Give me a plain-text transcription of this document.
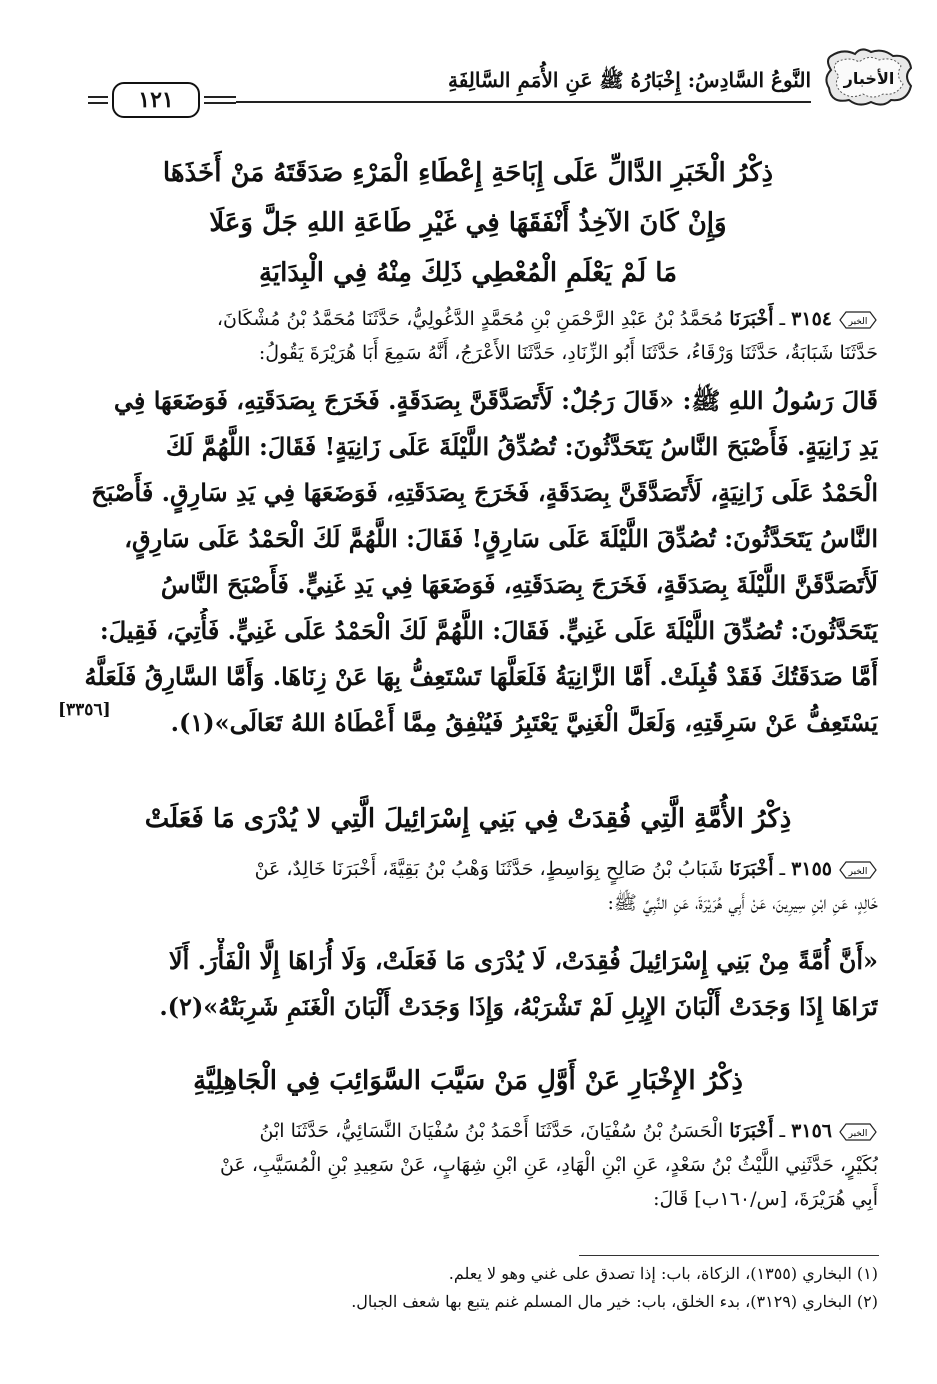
الأخبار
النَّوعُ السَّادِسُ: إِخْبَارُهُ ﷺ عَنِ الأُمَمِ السَّالِفَةِ
١٢١
ذِكْرُ الْخَبَرِ الدَّالِّ عَلَى إِبَاحَةِ إِعْطَاءِ الْمَرْءِ صَدَقَتَهُ مَنْ أَخَذَهَا
وَإِنْ كَانَ الآخِذُ أَنْفَقَهَا فِي غَيْرِ طَاعَةِ اللهِ جَلَّ وَعَلَا
مَا لَمْ يَعْلَمِ الْمُعْطِي ذَلِكَ مِنْهُ فِي الْبِدَايَةِ
الخبر
٣١٥٤ ـ أَخْبَرَنَا مُحَمَّدُ بْنُ عَبْدِ الرَّحْمَنِ بْنِ مُحَمَّدٍ الدَّغُولِيُّ، حَدَّثَنَا مُحَمَّدُ بْنُ مُشْكَانَ،
حَدَّثَنَا شَبَابَةُ، حَدَّثَنَا وَرْقَاءُ، حَدَّثَنَا أَبُو الزِّنَادِ، حَدَّثَنَا الأَعْرَجُ، أَنَّهُ سَمِعَ أَبَا هُرَيْرَةَ يَقُولُ:
قَالَ رَسُولُ اللهِ ﷺ: «قَالَ رَجُلٌ: لَأَتَصَدَّقَنَّ بِصَدَقَةٍ. فَخَرَجَ بِصَدَقَتِهِ، فَوَضَعَهَا فِي
يَدِ زَانِيَةٍ. فَأَصْبَحَ النَّاسُ يَتَحَدَّثُونَ: تُصُدِّقُ اللَّيْلَةَ عَلَى زَانِيَةٍ! فَقَالَ: اللَّهُمَّ لَكَ
الْحَمْدُ عَلَى زَانِيَةٍ، لَأَتَصَدَّقَنَّ بِصَدَقَةٍ، فَخَرَجَ بِصَدَقَتِهِ، فَوَضَعَهَا فِي يَدِ سَارِقٍ. فَأَصْبَحَ
النَّاسُ يَتَحَدَّثُونَ: تُصُدِّقَ اللَّيْلَةَ عَلَى سَارِقٍ! فَقَالَ: اللَّهُمَّ لَكَ الْحَمْدُ عَلَى سَارِقٍ،
لَأَتَصَدَّقَنَّ اللَّيْلَةَ بِصَدَقَةٍ، فَخَرَجَ بِصَدَقَتِهِ، فَوَضَعَهَا فِي يَدِ غَنِيٍّ. فَأَصْبَحَ النَّاسُ
يَتَحَدَّثُونَ: تُصُدِّقَ اللَّيْلَةَ عَلَى غَنِيٍّ. فَقَالَ: اللَّهُمَّ لَكَ الْحَمْدُ عَلَى غَنِيٍّ. فَأُتِيَ، فَقِيلَ:
أَمَّا صَدَقَتُكَ فَقَدْ قُبِلَتْ. أَمَّا الزَّانِيَةُ فَلَعَلَّهَا تَسْتَعِفُّ بِهَا عَنْ زِنَاهَا. وَأَمَّا السَّارِقُ فَلَعَلَّهُ
يَسْتَعِفُّ عَنْ سَرِقَتِهِ، وَلَعَلَّ الْغَنِيَّ يَعْتَبِرُ فَيُنْفِقُ مِمَّا أَعْطَاهُ اللهُ تَعَالَى»(١).
[٣٣٥٦]
ذِكْرُ الأُمَّةِ الَّتِي فُقِدَتْ فِي بَنِي إِسْرَائِيلَ الَّتِي لا يُدْرَى مَا فَعَلَتْ
الخبر
٣١٥٥ ـ أَخْبَرَنَا شَبَابُ بْنُ صَالِحٍ بِوَاسِطٍ، حَدَّثَنَا وَهْبُ بْنُ بَقِيَّةَ، أَخْبَرَنَا خَالِدٌ، عَنْ
خَالِدٍ، عَنِ ابْنِ سِيرِينَ، عَنْ أَبِي هُرَيْرَةَ، عَنِ النَّبِيِّ ﷺ:
«أَنَّ أُمَّةً مِنْ بَنِي إِسْرَائِيلَ فُقِدَتْ، لَا يُدْرَى مَا فَعَلَتْ، وَلَا أُرَاهَا إِلَّا الْفَأْرَ. أَلَا
تَرَاهَا إِذَا وَجَدَتْ أَلْبَانَ الإِبِلِ لَمْ تَشْرَبْهُ، وَإِذَا وَجَدَتْ أَلْبَانَ الْغَنَمِ شَرِبَتْهُ»(٢).
ذِكْرُ الإِخْبَارِ عَنْ أَوَّلِ مَنْ سَيَّبَ السَّوَائِبَ فِي الْجَاهِلِيَّةِ
الخبر
٣١٥٦ ـ أَخْبَرَنَا الْحَسَنُ بْنُ سُفْيَانَ، حَدَّثَنَا أَحْمَدُ بْنُ سُفْيَانَ النَّسَائِيُّ، حَدَّثَنَا ابْنُ
بُكَيْرٍ، حَدَّثَنِي اللَّيْثُ بْنُ سَعْدٍ، عَنِ ابْنِ الْهَادِ، عَنِ ابْنِ شِهَابٍ، عَنْ سَعِيدِ بْنِ الْمُسَيَّبِ، عَنْ
أَبِي هُرَيْرَةَ، [س/١٦٠ب] قَالَ:
(١) البخاري (١٣٥٥)، الزكاة، باب: إذا تصدق على غني وهو لا يعلم.
(٢) البخاري (٣١٢٩)، بدء الخلق، باب: خير مال المسلم غنم يتبع بها شعف الجبال.
